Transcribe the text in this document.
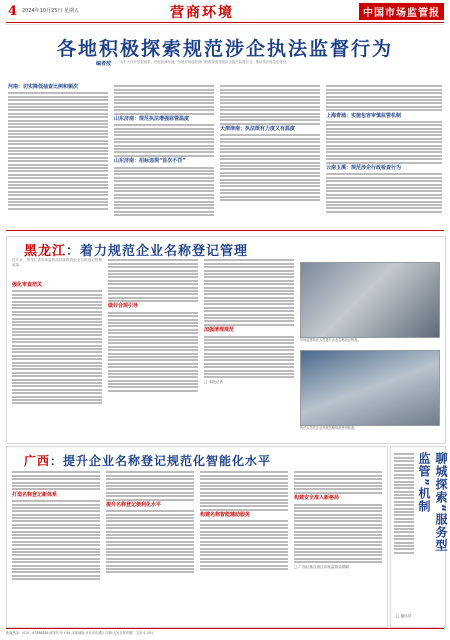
4 2024年10月25日 星期五	营商环境	中国市场监管报
各地积极探索规范涉企执法监督行为
编者按	为扩大以开放促改革，优化营商环境，各地市场监管部门积极探索规范涉企执法监督行为，推动执法规范化建设。
河南：切实降低抽查比例和频次
山东济南：规范执法增强监管温度
山东济南：招标违规“首次不罚”
天津津南：执法既有力度又有温度
上海青浦：实施包容审慎监管机制
云南玉溪：规范涉企行政检查行为
黑龙江：着力规范企业名称登记管理
近年来，黑龙江省市场监管局持续推进企业名称登记管理改革。
强化审查把关
做好合规引导
加强清理规范
□ 本报记者
市场监管执法人员进行企业名称登记核查。
执法人员在企业开展名称规范使用检查。
广西：提升企业名称登记规范化智能化水平
打造名称登记新体系
提升名称登记便利化水平
构建名称智能辅助服务
构建安全准入新格局
□ 广西壮族自治区市场监管局供稿
聊城探索“服务型监管”机制
□ 通讯员
新闻热线:（010）67888888 邮发代号:1-64 本报地址:北京市东城区 印刷:人民日报印刷厂 定价:1.50元
